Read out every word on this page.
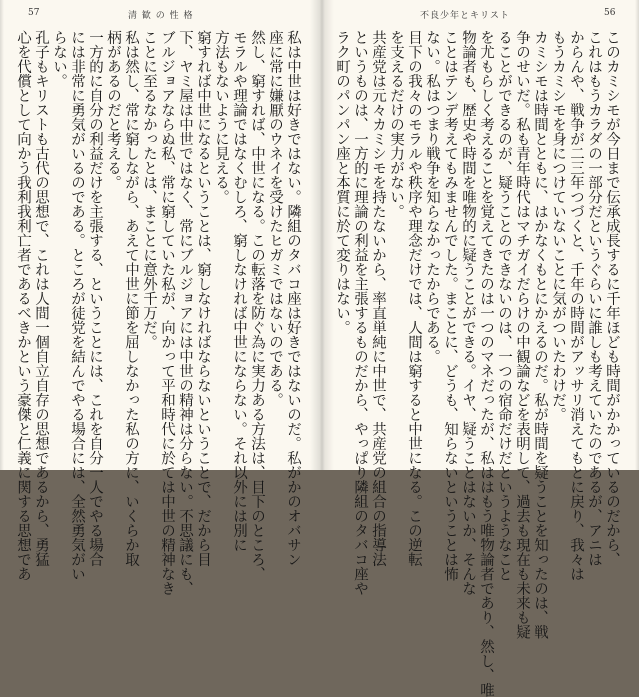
57	清 歓 の 性 格
私は中世は好きではない。隣組のタバコ座は好きではないのだ。私がかのオバサン
座に常に嫌厭のウネイを受けたヒガミではないのである。
然し、窮すれば、中世になる。この転落を防ぐ為に実力ある方法は、目下のところ、
モラルや理論ではなくむしろ、窮しなければ中世にならない。それ以外には別に
方法もないように見える。
窮すれば中世になるということは、窮しなければならないということで、だから目
下、ヤミ屋は中世ではなく、常にブルジョアには中世の精神は分らない。不思議にも、
ブルジョアならぬ私、常に窮していた私が、向かって平和時代に於ては中世の精神なき
ことに至るなかったとは、まことに意外千万だ。
私は然し、常に窮しながら、あえて中世に節を屈しなかった私の方に、いくらか取
柄があるのだと考える。
一方的に自分の利益だけを主張する、ということには、これを自分一人でやる場合
には非常に勇気がいるのである。ところが徒党を結んでやる場合には、全然勇気がい
らない。
孔子もキリストも古代の思想で、これは人間一個自立自存の思想であるから、勇猛
心を代償として向かう我利我利亡者であるべきかという豪傑と仁義に関する思想であ
不良少年とキリスト	56
このカミシモが今日まで伝承成長するに千年ほども時間がかかっているのだから、
これはもうカラダの一部分だというぐらいに誰しも考えていたのであるが、アニは
からんや、戦争が二三年つづくと、千年の時間がアッサリ消えてもとに戻り、我々は
もうカミシモを身につけていないことに気がついたわけだ。
カミシモは時間とともに、はかなくもとにかえるのだ。私が時間を疑うことを知ったのは、戦
争のせいだ。私も青年時代はマチガイだらけの中観論などを表明して、過去も現在も未来も疑
ることができるのが、疑うことのできないのは、一つの宿命だけだというようなこと
を尤もらしく考えることを覚えてきたのは一つのマネだったが、私ははもう唯物論者であり、然し、唯
物論者も、歴史や時間を唯物的に疑うことができる。イヤ、疑うことはないか、そんな
ことはテンデ考えてもみませんでした。まことに、どうも、知らないということは怖
ない。私はつまり戦争を知らなかったからである。
目下の我々のモラルや秩序や理念だけでは、人間は窮すると中世になる。この逆転
を支えるだけの実力がない。
共産党は元々カミシモを持たないから、率直単純に中世で、共産党の組合の指導法
というものは、一方的に理論の利益を主張するものだから、やっぱり隣組のタバコ座や
ラク町のパンパン座と本質に於て変りはない。
